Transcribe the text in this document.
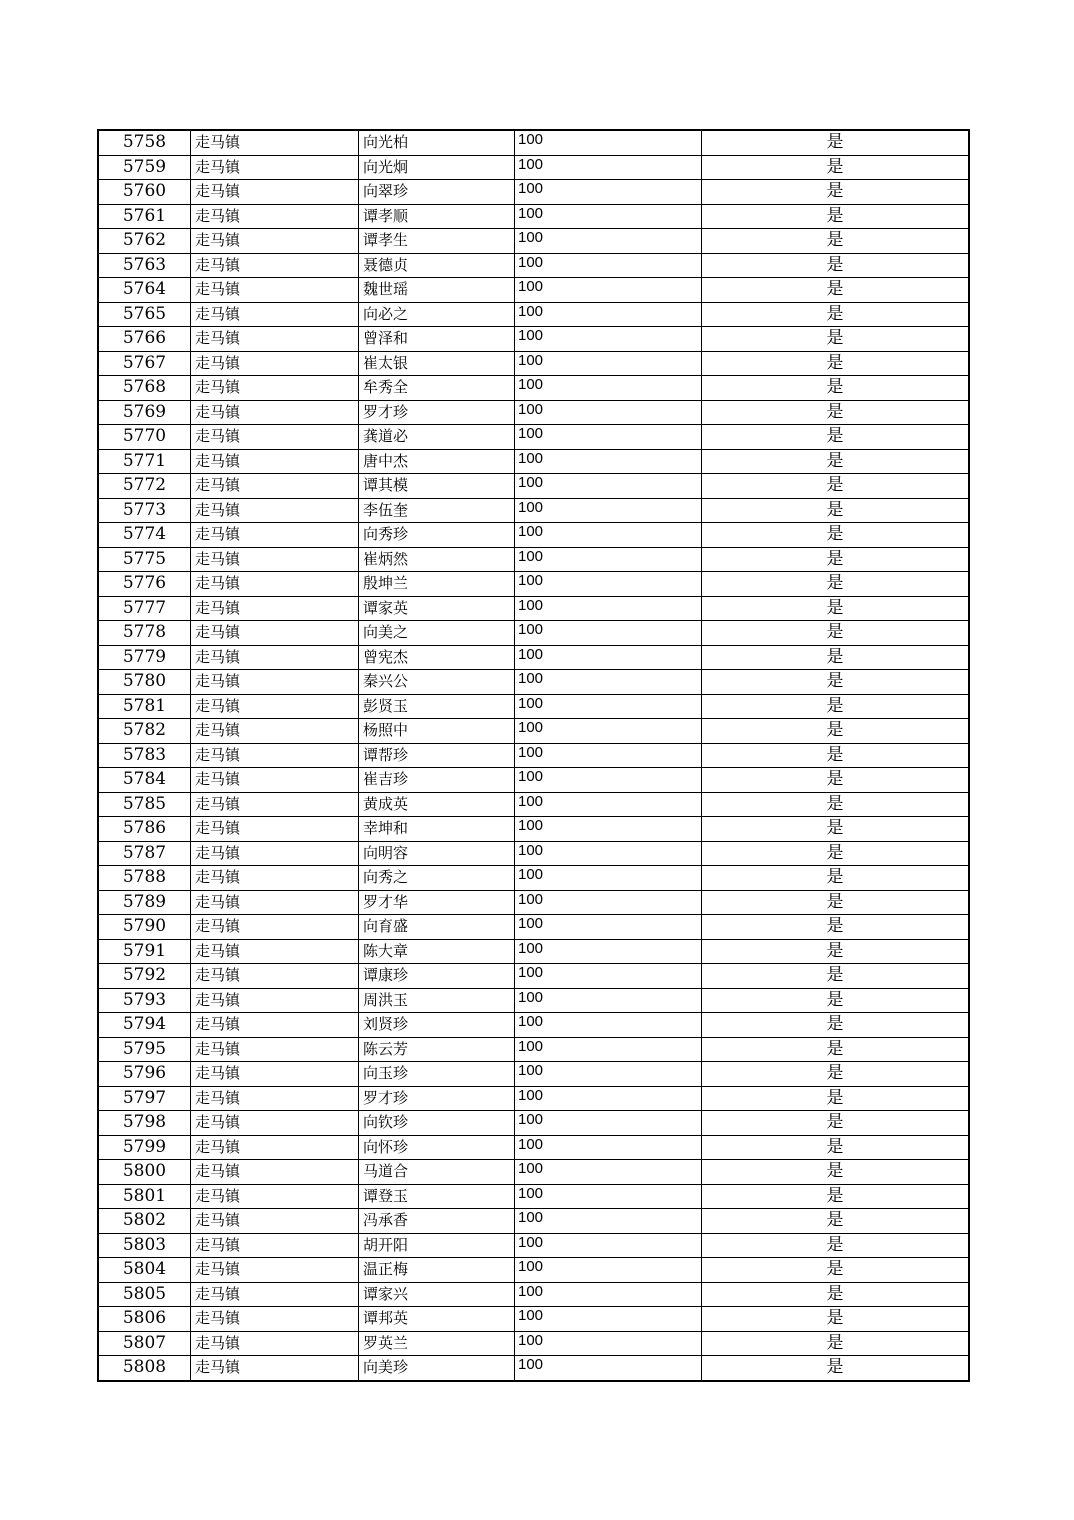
5758	走马镇	向光柏	100	是
5759	走马镇	向光炯	100	是
5760	走马镇	向翠珍	100	是
5761	走马镇	谭孝顺	100	是
5762	走马镇	谭孝生	100	是
5763	走马镇	聂德贞	100	是
5764	走马镇	魏世瑶	100	是
5765	走马镇	向必之	100	是
5766	走马镇	曾泽和	100	是
5767	走马镇	崔太银	100	是
5768	走马镇	牟秀全	100	是
5769	走马镇	罗才珍	100	是
5770	走马镇	龚道必	100	是
5771	走马镇	唐中杰	100	是
5772	走马镇	谭其模	100	是
5773	走马镇	李伍奎	100	是
5774	走马镇	向秀珍	100	是
5775	走马镇	崔炳然	100	是
5776	走马镇	殷坤兰	100	是
5777	走马镇	谭家英	100	是
5778	走马镇	向美之	100	是
5779	走马镇	曾宪杰	100	是
5780	走马镇	秦兴公	100	是
5781	走马镇	彭贤玉	100	是
5782	走马镇	杨照中	100	是
5783	走马镇	谭帮珍	100	是
5784	走马镇	崔吉珍	100	是
5785	走马镇	黄成英	100	是
5786	走马镇	幸坤和	100	是
5787	走马镇	向明容	100	是
5788	走马镇	向秀之	100	是
5789	走马镇	罗才华	100	是
5790	走马镇	向育盛	100	是
5791	走马镇	陈大章	100	是
5792	走马镇	谭康珍	100	是
5793	走马镇	周洪玉	100	是
5794	走马镇	刘贤珍	100	是
5795	走马镇	陈云芳	100	是
5796	走马镇	向玉珍	100	是
5797	走马镇	罗才珍	100	是
5798	走马镇	向钦珍	100	是
5799	走马镇	向怀珍	100	是
5800	走马镇	马道合	100	是
5801	走马镇	谭登玉	100	是
5802	走马镇	冯承香	100	是
5803	走马镇	胡开阳	100	是
5804	走马镇	温正梅	100	是
5805	走马镇	谭家兴	100	是
5806	走马镇	谭邦英	100	是
5807	走马镇	罗英兰	100	是
5808	走马镇	向美珍	100	是
